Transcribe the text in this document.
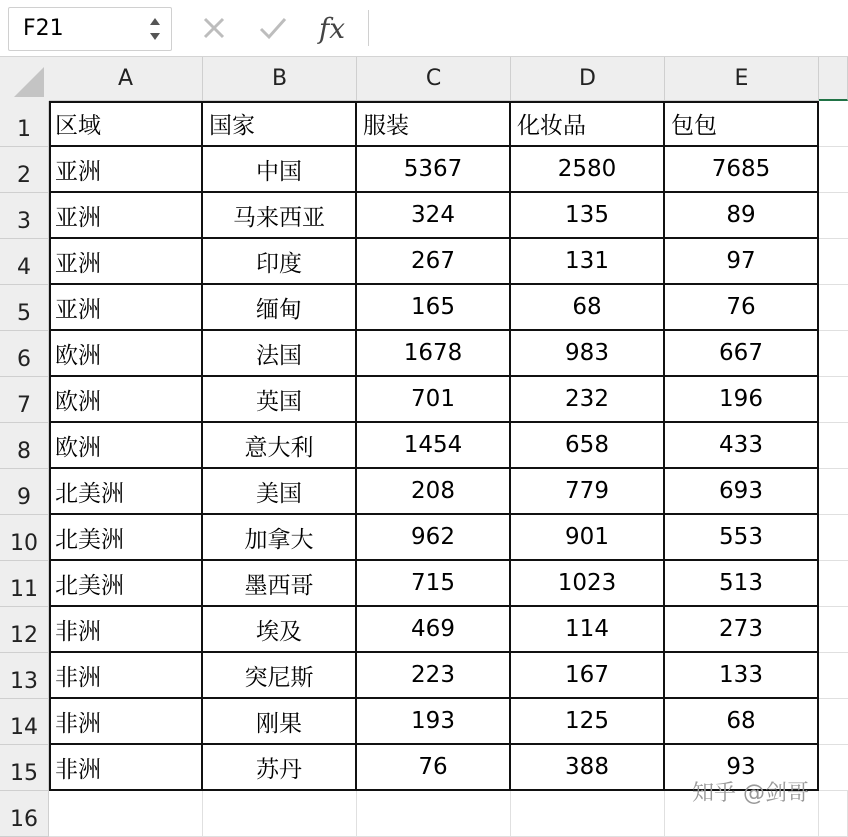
F21	fx
A	B	C	D	E
1
2
3
4
5
6
7
8
9
10
11
12
13
14
15
16
区域	国家	服装	化妆品	包包
亚洲	中国	5367	2580	7685
亚洲	马来西亚	324	135	89
亚洲	印度	267	131	97
亚洲	缅甸	165	68	76
欧洲	法国	1678	983	667
欧洲	英国	701	232	196
欧洲	意大利	1454	658	433
北美洲	美国	208	779	693
北美洲	加拿大	962	901	553
北美洲	墨西哥	715	1023	513
非洲	埃及	469	114	273
非洲	突尼斯	223	167	133
非洲	刚果	193	125	68
非洲	苏丹	76	388	93
知乎 @剑哥
